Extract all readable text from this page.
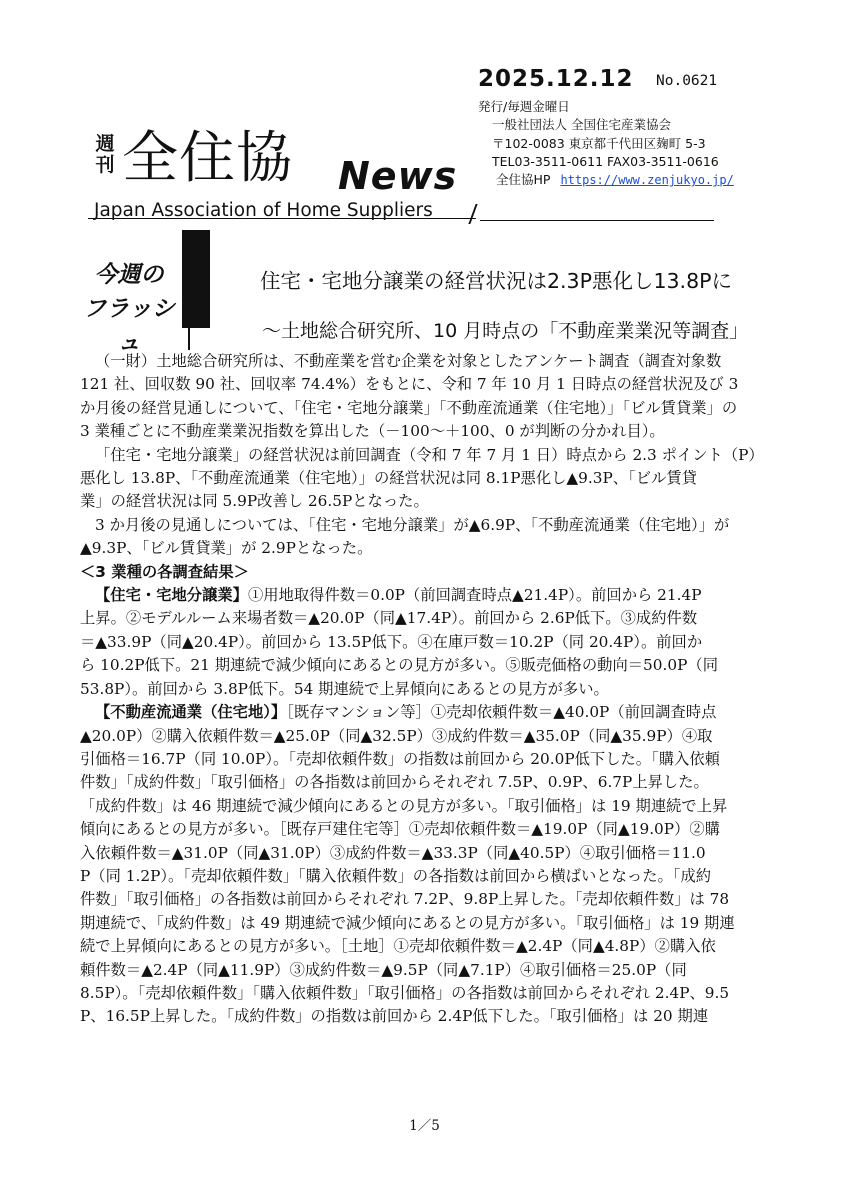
週刊 全住協 News
Japan Association of Home Suppliers
2025.12.12 No.0621
発行/毎週金曜日
一般社団法人 全国住宅産業協会
〒102-0083 東京都千代田区麹町 5-3
TEL03-3511-0611 FAX03-3511-0616
全住協HP https://www.zenjukyo.jp/
今週の
フラッシュ
住宅・宅地分譲業の経営状況は2.3P悪化し13.8Pに
～土地総合研究所、10 月時点の「不動産業業況等調査」
（一財）土地総合研究所は、不動産業を営む企業を対象としたアンケート調査（調査対象数
121 社、回収数 90 社、回収率 74.4%）をもとに、令和 7 年 10 月 1 日時点の経営状況及び 3
か月後の経営見通しについて、「住宅・宅地分譲業」「不動産流通業（住宅地）」「ビル賃貸業」の
3 業種ごとに不動産業業況指数を算出した（－100～＋100、0 が判断の分かれ目）。
「住宅・宅地分譲業」の経営状況は前回調査（令和 7 年 7 月 1 日）時点から 2.3 ポイント（P）
悪化し 13.8P、「不動産流通業（住宅地）」の経営状況は同 8.1P悪化し▲9.3P、「ビル賃貸
業」の経営状況は同 5.9P改善し 26.5Pとなった。
3 か月後の見通しについては、「住宅・宅地分譲業」が▲6.9P、「不動産流通業（住宅地）」が
▲9.3P、「ビル賃貸業」が 2.9Pとなった。
＜3 業種の各調査結果＞
【住宅・宅地分譲業】①用地取得件数＝0.0P（前回調査時点▲21.4P）。前回から 21.4P
上昇。②モデルルーム来場者数＝▲20.0P（同▲17.4P）。前回から 2.6P低下。③成約件数
＝▲33.9P（同▲20.4P）。前回から 13.5P低下。④在庫戸数＝10.2P（同 20.4P）。前回か
ら 10.2P低下。21 期連続で減少傾向にあるとの見方が多い。⑤販売価格の動向＝50.0P（同
53.8P）。前回から 3.8P低下。54 期連続で上昇傾向にあるとの見方が多い。
【不動産流通業（住宅地）】［既存マンション等］①売却依頼件数＝▲40.0P（前回調査時点
▲20.0P）②購入依頼件数＝▲25.0P（同▲32.5P）③成約件数＝▲35.0P（同▲35.9P）④取
引価格＝16.7P（同 10.0P）。「売却依頼件数」の指数は前回から 20.0P低下した。「購入依頼
件数」「成約件数」「取引価格」の各指数は前回からそれぞれ 7.5P、0.9P、6.7P上昇した。
「成約件数」は 46 期連続で減少傾向にあるとの見方が多い。「取引価格」は 19 期連続で上昇
傾向にあるとの見方が多い。［既存戸建住宅等］①売却依頼件数＝▲19.0P（同▲19.0P）②購
入依頼件数＝▲31.0P（同▲31.0P）③成約件数＝▲33.3P（同▲40.5P）④取引価格＝11.0
P（同 1.2P）。「売却依頼件数」「購入依頼件数」の各指数は前回から横ばいとなった。「成約
件数」「取引価格」の各指数は前回からそれぞれ 7.2P、9.8P上昇した。「売却依頼件数」は 78
期連続で、「成約件数」は 49 期連続で減少傾向にあるとの見方が多い。「取引価格」は 19 期連
続で上昇傾向にあるとの見方が多い。［土地］①売却依頼件数＝▲2.4P（同▲4.8P）②購入依
頼件数＝▲2.4P（同▲11.9P）③成約件数＝▲9.5P（同▲7.1P）④取引価格＝25.0P（同
8.5P）。「売却依頼件数」「購入依頼件数」「取引価格」の各指数は前回からそれぞれ 2.4P、9.5
P、16.5P上昇した。「成約件数」の指数は前回から 2.4P低下した。「取引価格」は 20 期連
1／5
